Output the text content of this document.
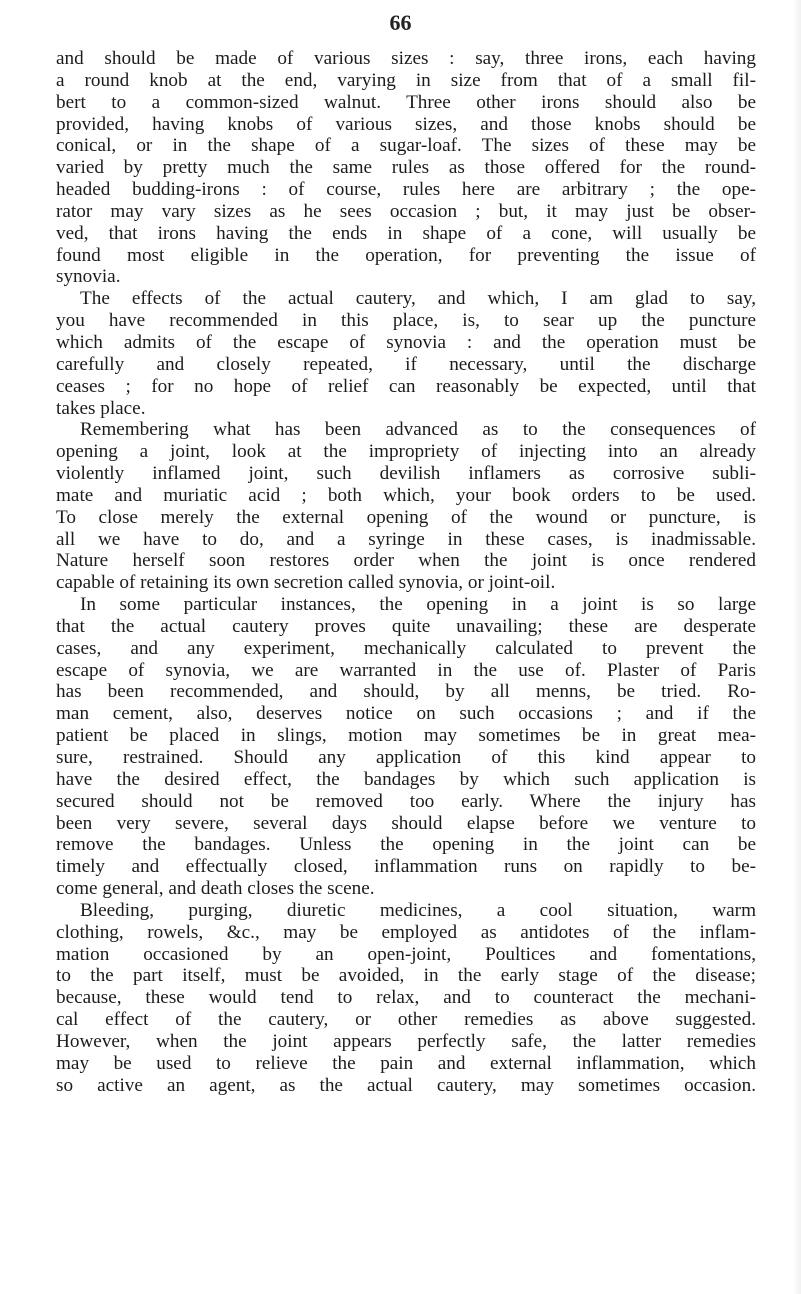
66
and should be made of various sizes : say, three irons, each having
a round knob at the end, varying in size from that of a small fil-
bert to a common-sized walnut. Three other irons should also be
provided, having knobs of various sizes, and those knobs should be
conical, or in the shape of a sugar-loaf. The sizes of these may be
varied by pretty much the same rules as those offered for the round-
headed budding-irons : of course, rules here are arbitrary ; the ope-
rator may vary sizes as he sees occasion ; but, it may just be obser-
ved, that irons having the ends in shape of a cone, will usually be
found most eligible in the operation, for preventing the issue of
synovia.
The effects of the actual cautery, and which, I am glad to say,
you have recommended in this place, is, to sear up the puncture
which admits of the escape of synovia : and the operation must be
carefully and closely repeated, if necessary, until the discharge
ceases ; for no hope of relief can reasonably be expected, until that
takes place.
Remembering what has been advanced as to the consequences of
opening a joint, look at the impropriety of injecting into an already
violently inflamed joint, such devilish inflamers as corrosive subli-
mate and muriatic acid ; both which, your book orders to be used.
To close merely the external opening of the wound or puncture, is
all we have to do, and a syringe in these cases, is inadmissable.
Nature herself soon restores order when the joint is once rendered
capable of retaining its own secretion called synovia, or joint-oil.
In some particular instances, the opening in a joint is so large
that the actual cautery proves quite unavailing; these are desperate
cases, and any experiment, mechanically calculated to prevent the
escape of synovia, we are warranted in the use of. Plaster of Paris
has been recommended, and should, by all menns, be tried. Ro-
man cement, also, deserves notice on such occasions ; and if the
patient be placed in slings, motion may sometimes be in great mea-
sure, restrained. Should any application of this kind appear to
have the desired effect, the bandages by which such application is
secured should not be removed too early. Where the injury has
been very severe, several days should elapse before we venture to
remove the bandages. Unless the opening in the joint can be
timely and effectually closed, inflammation runs on rapidly to be-
come general, and death closes the scene.
Bleeding, purging, diuretic medicines, a cool situation, warm
clothing, rowels, &c., may be employed as antidotes of the inflam-
mation occasioned by an open-joint, Poultices and fomentations,
to the part itself, must be avoided, in the early stage of the disease;
because, these would tend to relax, and to counteract the mechani-
cal effect of the cautery, or other remedies as above suggested.
However, when the joint appears perfectly safe, the latter remedies
may be used to relieve the pain and external inflammation, which
so active an agent, as the actual cautery, may sometimes occasion.
